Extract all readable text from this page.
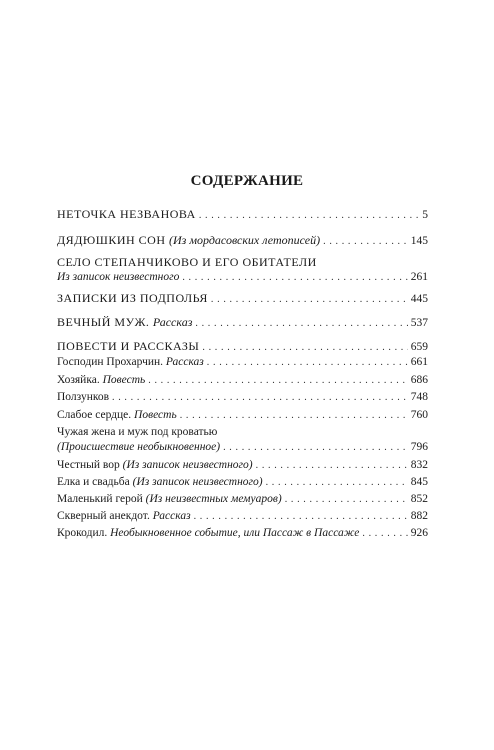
СОДЕРЖАНИЕ
НЕТОЧКА НЕЗВАНОВА . . .	5
ДЯДЮШКИН СОН (Из мордасовских летописей) . . .	145
СЕЛО СТЕПАНЧИКОВО И ЕГО ОБИТАТЕЛИ
Из записок неизвестного . . .	261
ЗАПИСКИ ИЗ ПОДПОЛЬЯ . . .	445
ВЕЧНЫЙ МУЖ. Рассказ . . .	537
ПОВЕСТИ И РАССКАЗЫ . . .	659
Господин Прохарчин. Рассказ . . .	661
Хозяйка. Повесть . . .	686
Ползунков . . .	748
Слабое сердце. Повесть . . .	760
Чужая жена и муж под кроватью
(Происшествие необыкновенное) . . .	796
Честный вор (Из записок неизвестного) . . .	832
Елка и свадьба (Из записок неизвестного) . . .	845
Маленький герой (Из неизвестных мемуаров) . . .	852
Скверный анекдот. Рассказ . . .	882
Крокодил. Необыкновенное событие, или Пассаж в Пассаже . . .	926
